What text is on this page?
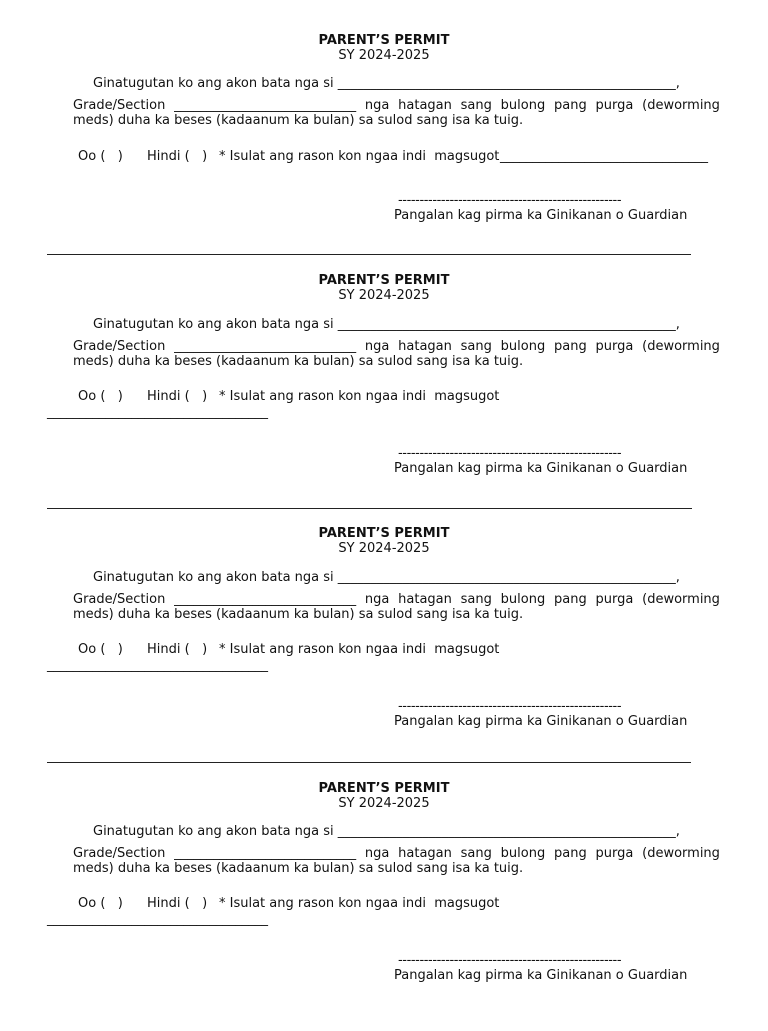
PARENT’S PERMIT
SY 2024-2025
Ginatugutan ko ang akon bata nga si ____________________________________________________,
Grade/Section ____________________________ nga hatagan sang bulong pang purga (deworming
meds) duha ka beses (kadaanum ka bulan) sa sulod sang isa ka tuig.
Oo (   ) Hindi (   ) * Isulat ang rason kon ngaa indi  magsugot ________________________________
----------------------------------------------------
Pangalan kag pirma ka Ginikanan o Guardian
PARENT’S PERMIT
SY 2024-2025
Ginatugutan ko ang akon bata nga si ____________________________________________________,
Grade/Section ____________________________ nga hatagan sang bulong pang purga (deworming
meds) duha ka beses (kadaanum ka bulan) sa sulod sang isa ka tuig.
Oo (   ) Hindi (   ) * Isulat ang rason kon ngaa indi  magsugot
__________________________________
----------------------------------------------------
Pangalan kag pirma ka Ginikanan o Guardian
PARENT’S PERMIT
SY 2024-2025
Ginatugutan ko ang akon bata nga si ____________________________________________________,
Grade/Section ____________________________ nga hatagan sang bulong pang purga (deworming
meds) duha ka beses (kadaanum ka bulan) sa sulod sang isa ka tuig.
Oo (   ) Hindi (   ) * Isulat ang rason kon ngaa indi  magsugot
__________________________________
----------------------------------------------------
Pangalan kag pirma ka Ginikanan o Guardian
PARENT’S PERMIT
SY 2024-2025
Ginatugutan ko ang akon bata nga si ____________________________________________________,
Grade/Section ____________________________ nga hatagan sang bulong pang purga (deworming
meds) duha ka beses (kadaanum ka bulan) sa sulod sang isa ka tuig.
Oo (   ) Hindi (   ) * Isulat ang rason kon ngaa indi  magsugot
__________________________________
----------------------------------------------------
Pangalan kag pirma ka Ginikanan o Guardian
